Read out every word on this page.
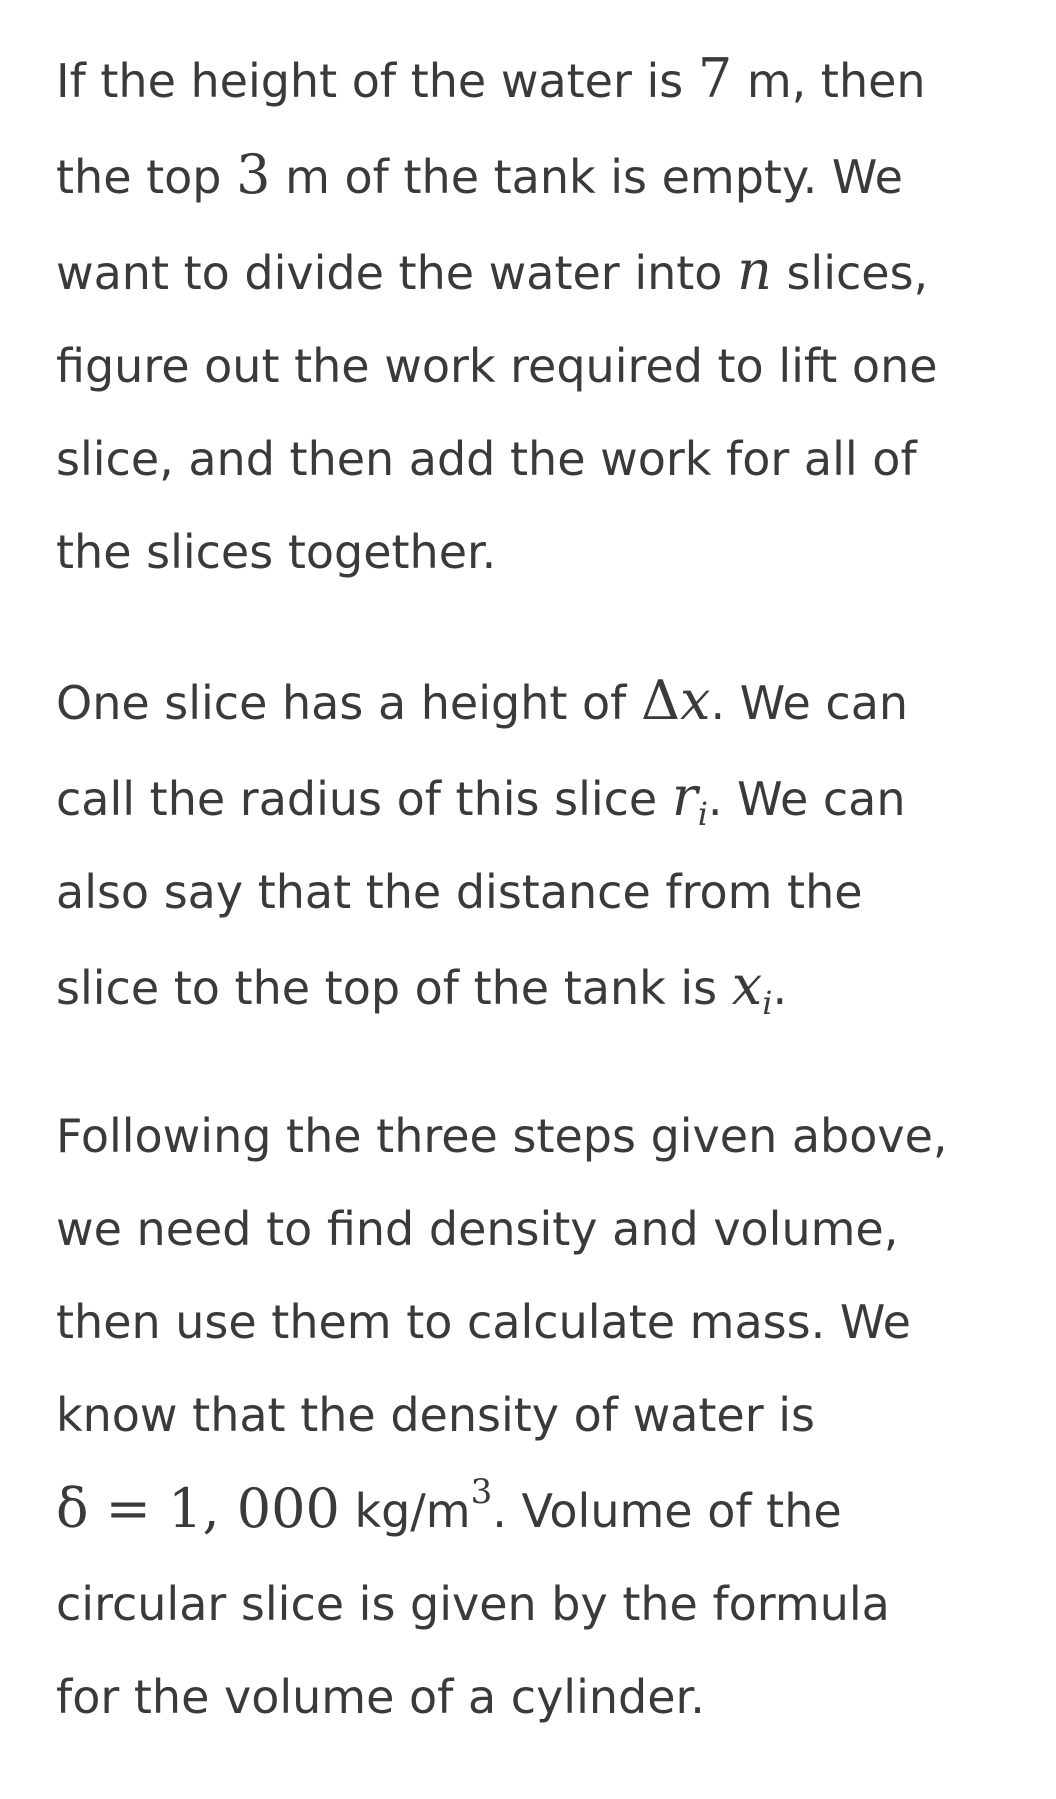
If the height of the water is 7 m, then
the top 3 m of the tank is empty. We
want to divide the water into n slices,
figure out the work required to lift one
slice, and then add the work for all of
the slices together.

One slice has a height of Δx. We can
call the radius of this slice $r_i$. We can
also say that the distance from the
slice to the top of the tank is $x_i$.

Following the three steps given above,
we need to find density and volume,
then use them to calculate mass. We
know that the density of water is
δ = 1, 000 $kg/m^3$. Volume of the
circular slice is given by the formula
for the volume of a cylinder.
